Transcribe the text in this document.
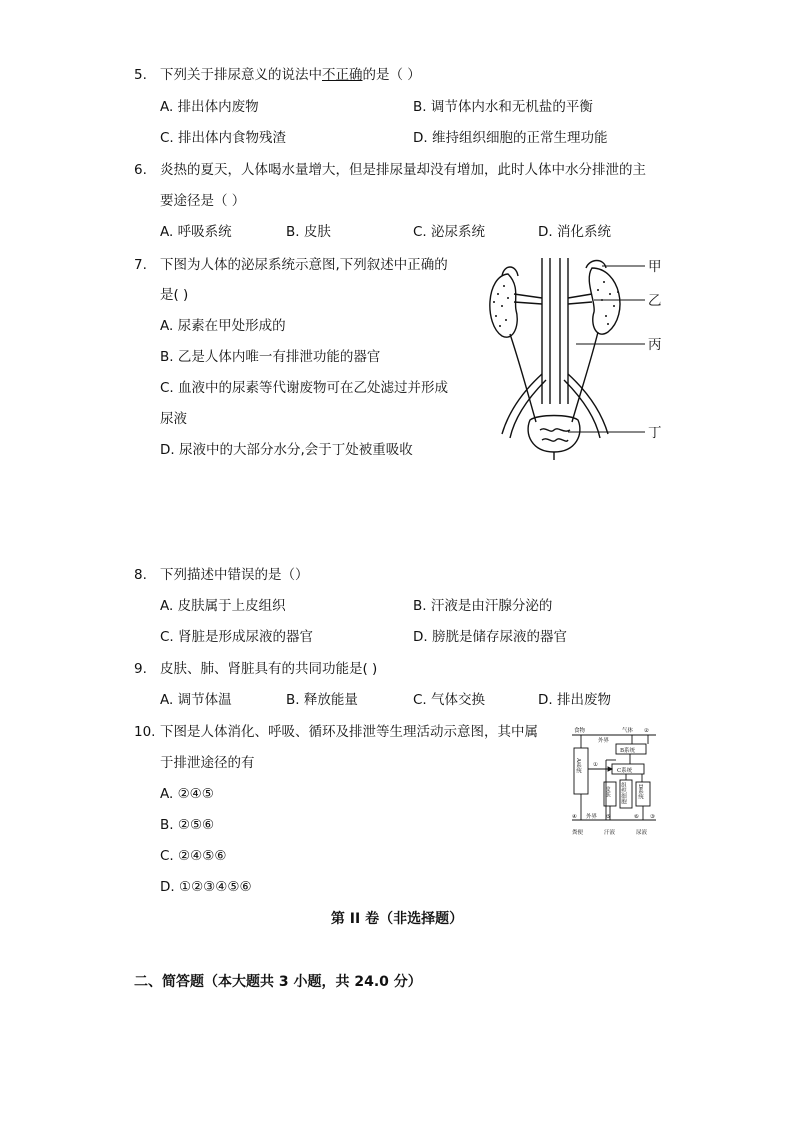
5. 下列关于排尿意义的说法中不正确的是（ ）
A. 排出体内废物	B. 调节体内水和无机盐的平衡
C. 排出体内食物残渣	D. 维持组织细胞的正常生理功能
6. 炎热的夏天，人体喝水量增大，但是排尿量却没有增加，此时人体中水分排泄的主
要途径是（ ）
A. 呼吸系统	B. 皮肤	C. 泌尿系统	D. 消化系统
7. 下图为人体的泌尿系统示意图,下列叙述中正确的
是( )
A. 尿素在甲处形成的
B. 乙是人体内唯一有排泄功能的器官
C. 血液中的尿素等代谢废物可在乙处滤过并形成
尿液
D. 尿液中的大部分水分,会于丁处被重吸收
甲
乙
丙
丁
8. 下列描述中错误的是（）
A. 皮肤属于上皮组织	B. 汗液是由汗腺分泌的
C. 肾脏是形成尿液的器官	D. 膀胱是储存尿液的器官
9. 皮肤、肺、肾脏具有的共同功能是( )
A. 调节体温	B. 释放能量	C. 气体交换	D. 排出废物
10. 下图是人体消化、呼吸、循环及排泄等生理活动示意图，其中属
于排泄途径的有
A. ②④⑤
B. ②⑤⑥
C. ②④⑤⑥
D. ①②③④⑤⑥
食物
外界
气体 ②
B系统
①
C系统
④ 外界 ⑤	⑥ ③
粪便	汗液	尿液
A系统
皮肤 组织细胞 D系统
第 II 卷（非选择题）
二、简答题（本大题共 3 小题，共 24.0 分）
